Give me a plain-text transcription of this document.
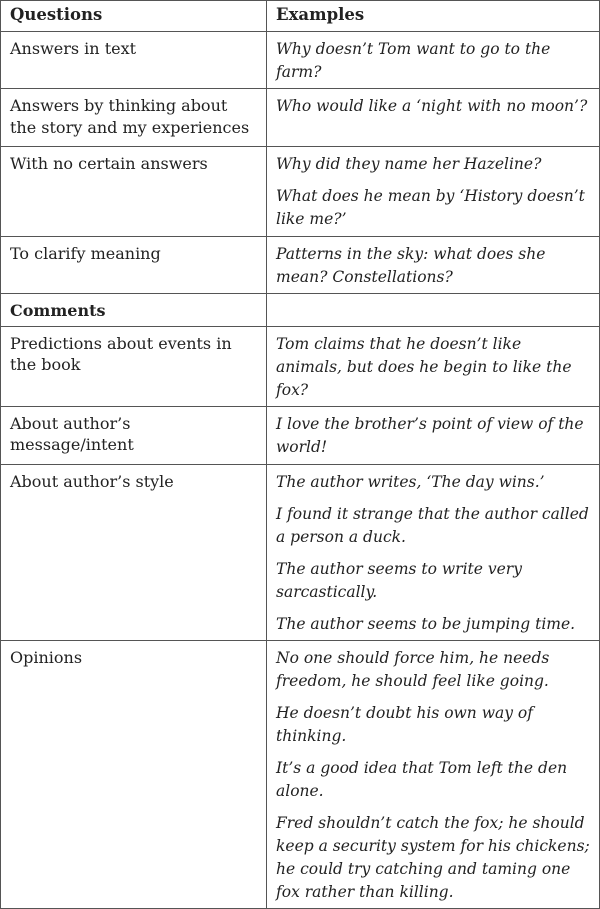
Questions	Examples
Answers in text	Why doesn’t Tom want to go to the farm?

Answers by thinking about the story and my experiences	Who would like a ‘night with no moon’?

With no certain answers	Why did they name her Hazeline?

What does he mean by ‘History doesn’t like me?’

To clarify meaning	Patterns in the sky: what does she mean? Constellations?

Comments	
Predictions about events in the book	Tom claims that he doesn’t like animals, but does he begin to like the fox?

About author’s message/intent	I love the brother’s point of view of the world!

About author’s style	The author writes, ‘The day wins.’

I found it strange that the author called a person a duck.

The author seems to write very sarcastically.

The author seems to be jumping time.

Opinions	No one should force him, he needs freedom, he should feel like going.

He doesn’t doubt his own way of thinking.

It’s a good idea that Tom left the den alone.

Fred shouldn’t catch the fox; he should keep a security system for his chickens; he could try catching and taming one fox rather than killing.
